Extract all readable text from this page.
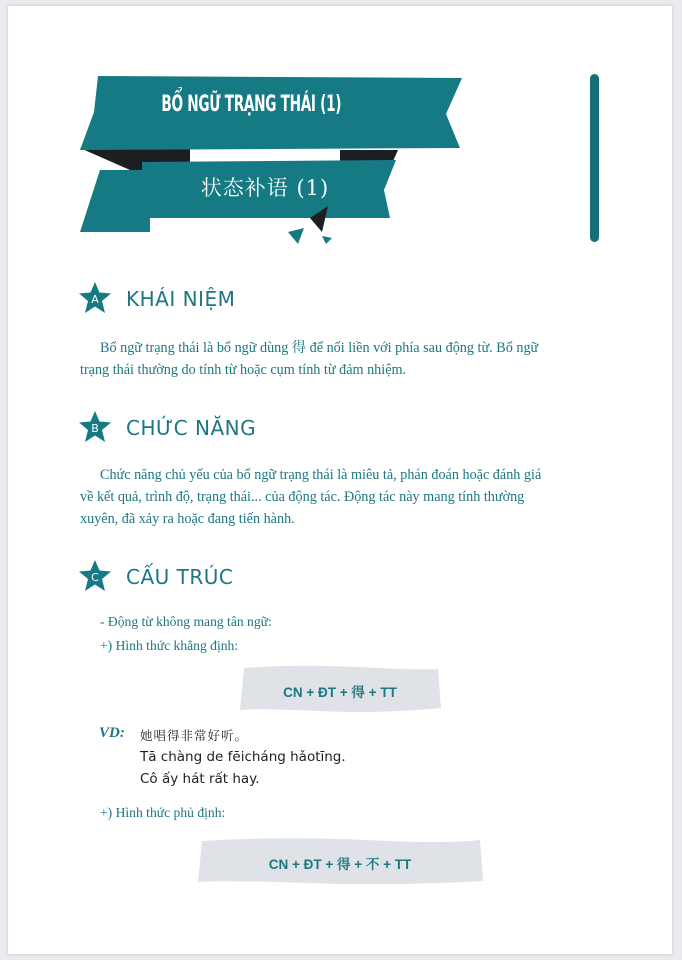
BỔ NGỮ TRẠNG THÁI (1)
状态补语 (1)
A	KHÁI NIỆM
Bổ ngữ trạng thái là bổ ngữ dùng 得 để nối liền với phía sau động từ. Bổ ngữ
trạng thái thường do tính từ hoặc cụm tính từ đảm nhiệm.
B	CHỨC NĂNG
Chức năng chủ yếu của bổ ngữ trạng thái là miêu tả, phán đoán hoặc đánh giá
về kết quả, trình độ, trạng thái... của động tác. Động tác này mang tính thường
xuyên, đã xảy ra hoặc đang tiến hành.
C	CẤU TRÚC
- Động từ không mang tân ngữ:
+) Hình thức khẳng định:
CN + ĐT + 得 + TT
VD: 她唱得非常好听。
Tā chàng de fēicháng hǎotīng.
Cô ấy hát rất hay.
+) Hình thức phủ định:
CN + ĐT + 得 + 不 + TT
